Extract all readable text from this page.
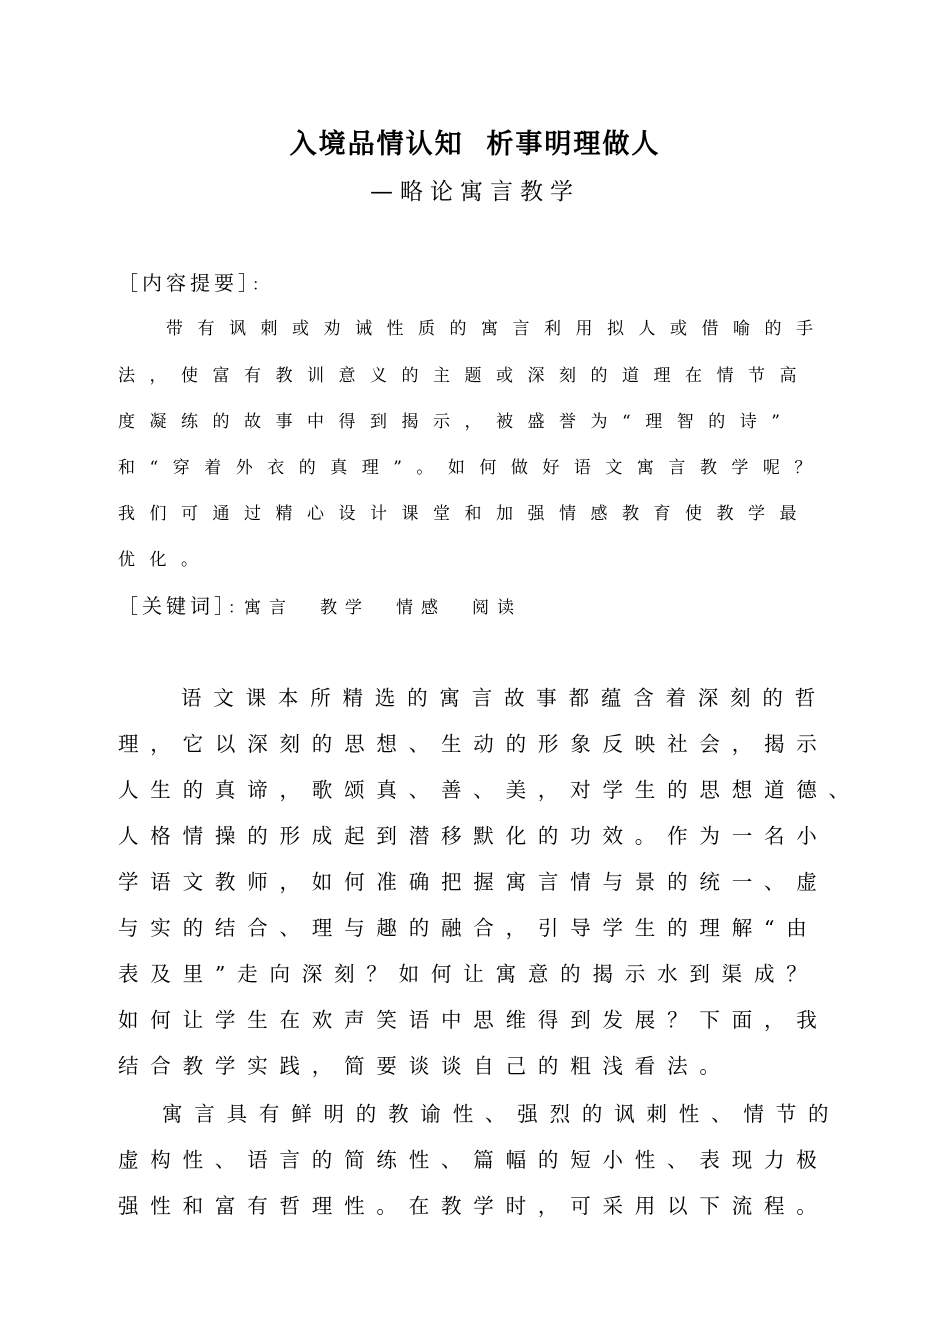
入境品情认知  析事明理做人
—略论寓言教学
［内容提要］：
带有讽刺或劝诫性质的寓言利用拟人或借喻的手
法，使富有教训意义的主题或深刻的道理在情节高
度凝练的故事中得到揭示，被盛誉为“理智的诗”
和“穿着外衣的真理”。如何做好语文寓言教学呢？
我们可通过精心设计课堂和加强情感教育使教学最
优化。
［关键词］：寓言 教学 情感 阅读
语文课本所精选的寓言故事都蕴含着深刻的哲
理，它以深刻的思想、生动的形象反映社会，揭示
人生的真谛，歌颂真、善、美，对学生的思想道德、
人格情操的形成起到潜移默化的功效。作为一名小
学语文教师，如何准确把握寓言情与景的统一、虚
与实的结合、理与趣的融合，引导学生的理解“由
表及里”走向深刻？如何让寓意的揭示水到渠成？
如何让学生在欢声笑语中思维得到发展？下面，我
结合教学实践，简要谈谈自己的粗浅看法。
寓言具有鲜明的教谕性、强烈的讽刺性、情节的
虚构性、语言的简练性、篇幅的短小性、表现力极
强性和富有哲理性。在教学时，可采用以下流程。
